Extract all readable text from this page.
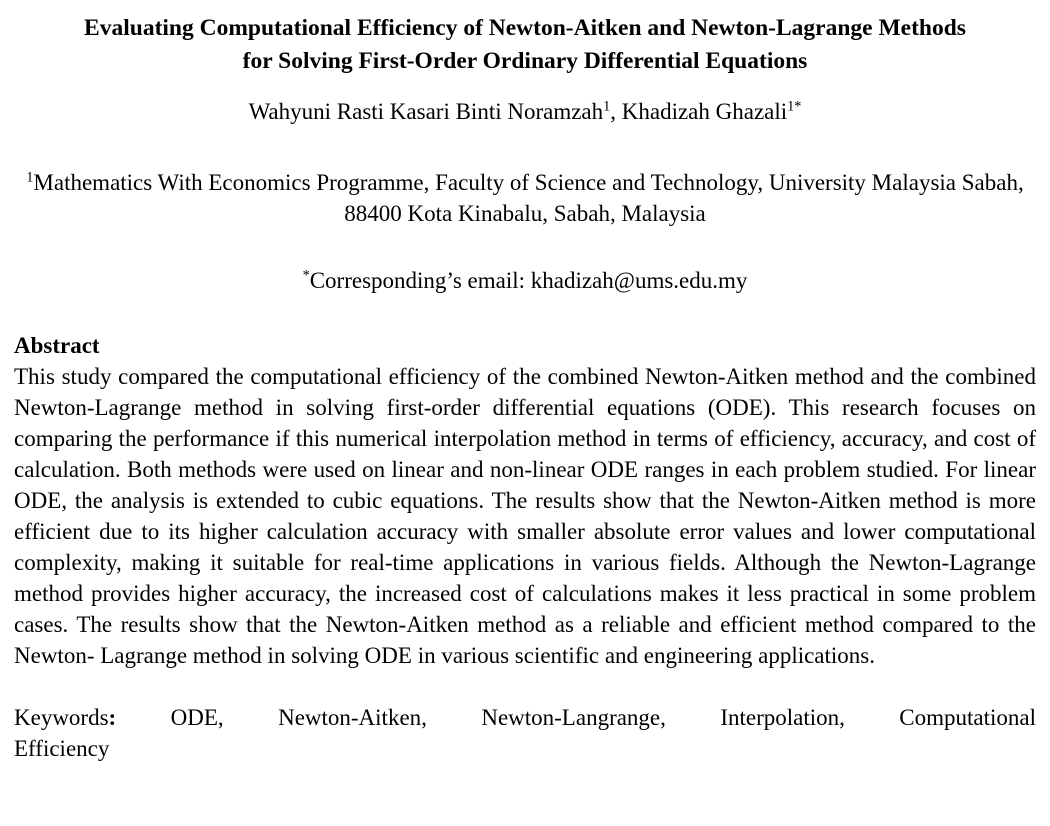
Evaluating Computational Efficiency of Newton-Aitken and Newton-Lagrange Methods
for Solving First-Order Ordinary Differential Equations

Wahyuni Rasti Kasari Binti Noramzah$^1$, Khadizah Ghazali$^{1*}$

$^1$Mathematics With Economics Programme, Faculty of Science and Technology, University Malaysia Sabah, 88400 Kota Kinabalu, Sabah, Malaysia

*Corresponding’s email: khadizah@ums.edu.my

Abstract

This study compared the computational efficiency of the combined Newton-Aitken method and the combined Newton-Lagrange method in solving first-order differential equations (ODE). This research focuses on comparing the performance if this numerical interpolation method in terms of efficiency, accuracy, and cost of calculation. Both methods were used on linear and non-linear ODE ranges in each problem studied. For linear ODE, the analysis is extended to cubic equations. The results show that the Newton-Aitken method is more efficient due to its higher calculation accuracy with smaller absolute error values and lower computational complexity, making it suitable for real-time applications in various fields. Although the Newton-Lagrange method provides higher accuracy, the increased cost of calculations makes it less practical in some problem cases. The results show that the Newton-Aitken method as a reliable and efficient method compared to the Newton- Lagrange method in solving ODE in various scientific and engineering applications.

Keywords: ODE, Newton-Aitken, Newton-Langrange, Interpolation, Computational
Efficiency
